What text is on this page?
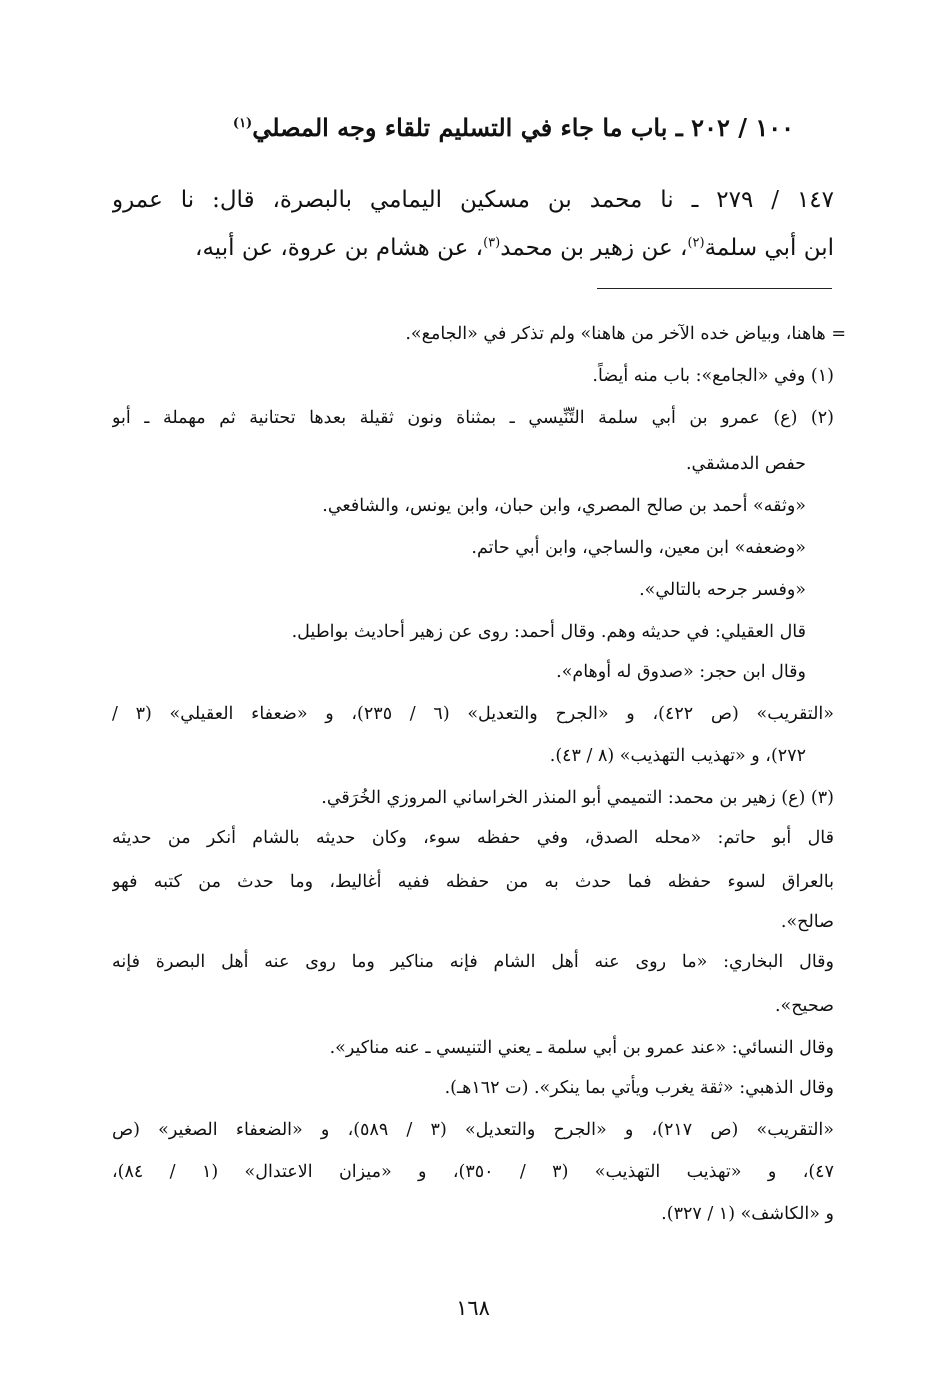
١٠٠ / ٢٠٢ ـ باب ما جاء في التسليم تلقاء وجه المصلي$^{(١)}$
١٤٧ / ٢٧٩ ـ نا محمد بن مسكين اليمامي بالبصرة، قال: نا عمرو
ابن أبي سلمة$^{(٢)}$، عن زهير بن محمد$^{(٣)}$، عن هشام بن عروة، عن أبيه،
= هاهنا، وبياض خده الآخر من هاهنا» ولم تذكر في «الجامع».
(١) وفي «الجامع»: باب منه أيضاً.
(٢) (ع) عمرو بن أبي سلمة التِّنِّيسي ـ بمثناة ونون ثقيلة بعدها تحتانية ثم مهملة ـ أبو
حفص الدمشقي.
«وثقه» أحمد بن صالح المصري، وابن حبان، وابن يونس، والشافعي.
«وضعفه» ابن معين، والساجي، وابن أبي حاتم.
«وفسر جرحه بالتالي».
قال العقيلي: في حديثه وهم. وقال أحمد: روى عن زهير أحاديث بواطيل.
وقال ابن حجر: «صدوق له أوهام».
«التقريب» (ص ٤٢٢)، و «الجرح والتعديل» (٦ / ٢٣٥)، و «ضعفاء العقيلي» (٣ /
٢٧٢)، و «تهذيب التهذيب» (٨ / ٤٣).
(٣) (ع) زهير بن محمد: التميمي أبو المنذر الخراساني المروزي الخُرَقي.
قال أبو حاتم: «محله الصدق، وفي حفظه سوء، وكان حديثه بالشام أنكر من حديثه
بالعراق لسوء حفظه فما حدث به من حفظه ففيه أغاليط، وما حدث من كتبه فهو
صالح».
وقال البخاري: «ما روى عنه أهل الشام فإنه مناكير وما روى عنه أهل البصرة فإنه
صحيح».
وقال النسائي: «عند عمرو بن أبي سلمة ـ يعني التنيسي ـ عنه مناكير».
وقال الذهبي: «ثقة يغرب ويأتي بما ينكر». (ت ١٦٢هـ).
«التقريب» (ص ٢١٧)، و «الجرح والتعديل» (٣ / ٥٨٩)، و «الضعفاء الصغير» (ص
٤٧)، و «تهذيب التهذيب» (٣ / ٣٥٠)، و «ميزان الاعتدال» (١ / ٨٤)،
و «الكاشف» (١ / ٣٢٧).
١٦٨
